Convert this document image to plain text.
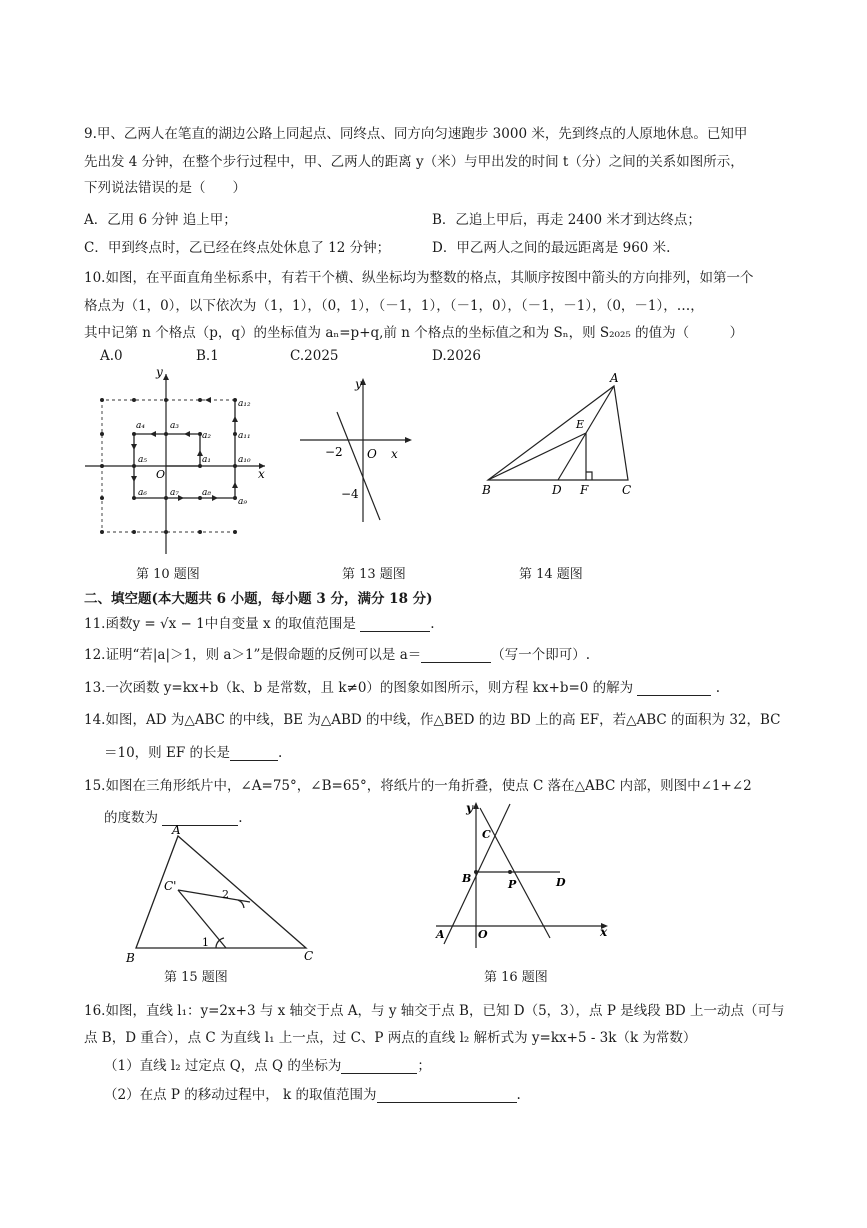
9.甲、乙两人在笔直的湖边公路上同起点、同终点、同方向匀速跑步 3000 米，先到终点的人原地休息。已知甲
先出发 4 分钟，在整个步行过程中，甲、乙两人的距离 y（米）与甲出发的时间 t（分）之间的关系如图所示，
下列说法错误的是（　　）
A．乙用 6 分钟 追上甲；	B．乙追上甲后，再走 2400 米才到达终点；
C．甲到终点时，乙已经在终点处休息了 12 分钟；	D．甲乙两人之间的最远距离是 960 米.
10.如图，在平面直角坐标系中，有若干个横、纵坐标均为整数的格点，其顺序按图中箭头的方向排列，如第一个
格点为（1，0），以下依次为（1，1），（0，1），（－1，1），（－1，0），（－1，－1），（0，－1），…，
其中记第 n 个格点（p，q）的坐标值为 aₙ=p+q,前 n 个格点的坐标值之和为 Sₙ，则 S₂₀₂₅ 的值为（　　　）
A.0	B.1	C.2025	D.2026
y
x
O
a₁
a₂
a₃
a₄
a₅
a₆	a₇	a₈
a₉
a₁₀
a₁₁
a₁₂
第 10 题图
y
x
O
−2
−4
第 13 题图
A
B	C
D
E
F
第 14 题图
二、填空题(本大题共 6 小题，每小题 3 分，满分 18 分)
11.函数y = √x − 1中自变量 x 的取值范围是	.
12.证明“若|a|＞1，则 a＞1”是假命题的反例可以是 a＝	（写一个即可）.
13.一次函数 y=kx+b（k、b 是常数，且 k≠0）的图象如图所示，则方程 kx+b=0 的解为	.
14.如图，AD 为△ABC 的中线，BE 为△ABD 的中线，作△BED 的边 BD 上的高 EF，若△ABC 的面积为 32，BC
＝10，则 EF 的长是	.
15.如图在三角形纸片中，∠A=75°，∠B=65°，将纸片的一角折叠，使点 C 落在△ABC 内部，则图中∠1+∠2
的度数为	.
A
B	C
C'
1
2
第 15 题图
y
x
O
A
B
C
P	D
第 16 题图
16.如图，直线 l₁：y=2x+3 与 x 轴交于点 A，与 y 轴交于点 B，已知 D（5，3），点 P 是线段 BD 上一动点（可与
点 B，D 重合），点 C 为直线 l₁ 上一点，过 C、P 两点的直线 l₂ 解析式为 y=kx+5 - 3k（k 为常数）
（1）直线 l₂ 过定点 Q，点 Q 的坐标为	；
（2）在点 P 的移动过程中， k 的取值范围为	.
